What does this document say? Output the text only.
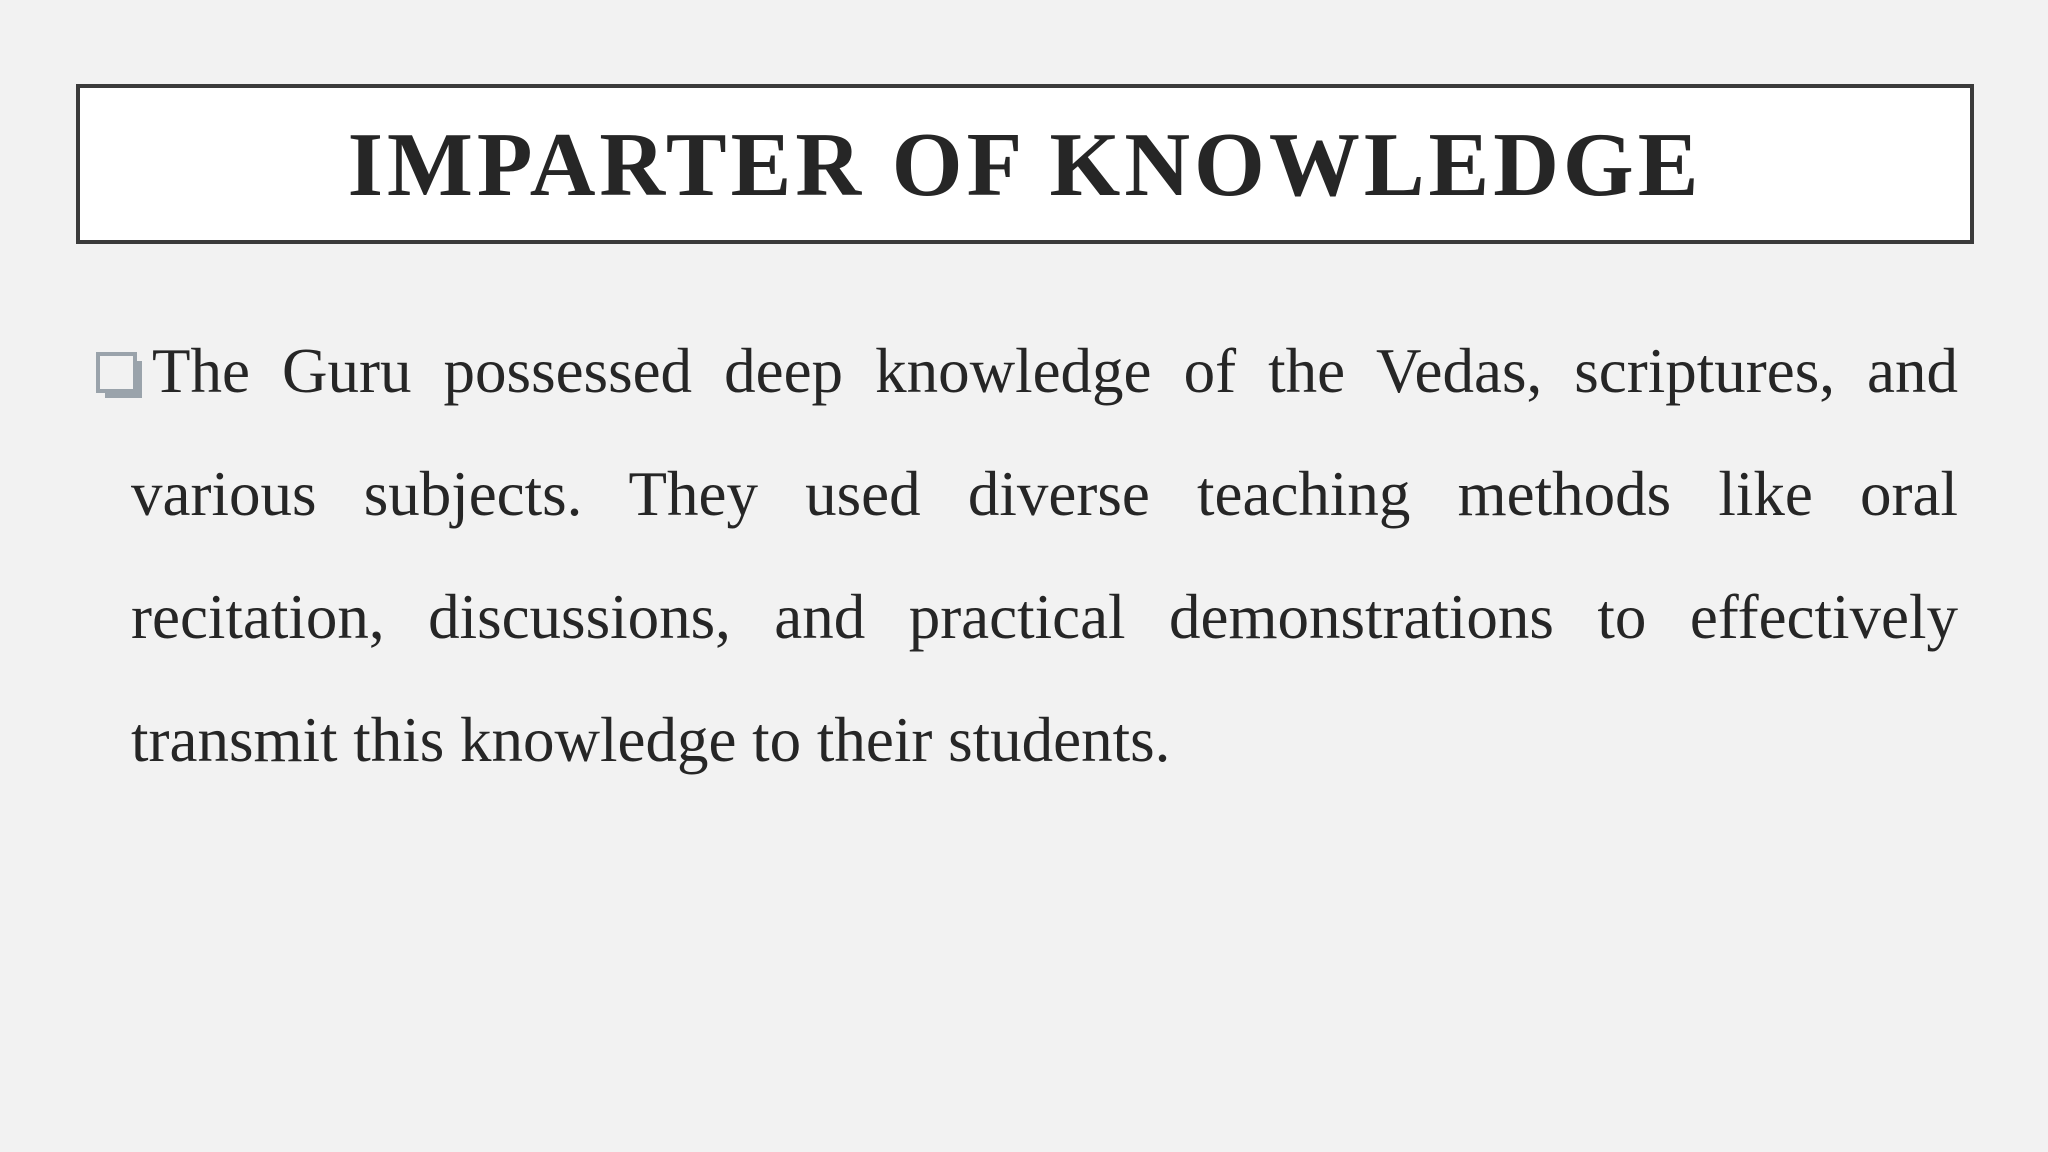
IMPARTER OF KNOWLEDGE

The Guru possessed deep knowledge of the Vedas, scriptures, and various subjects. They used diverse teaching methods like oral recitation, discussions, and practical demonstrations to effectively transmit this knowledge to their students.
